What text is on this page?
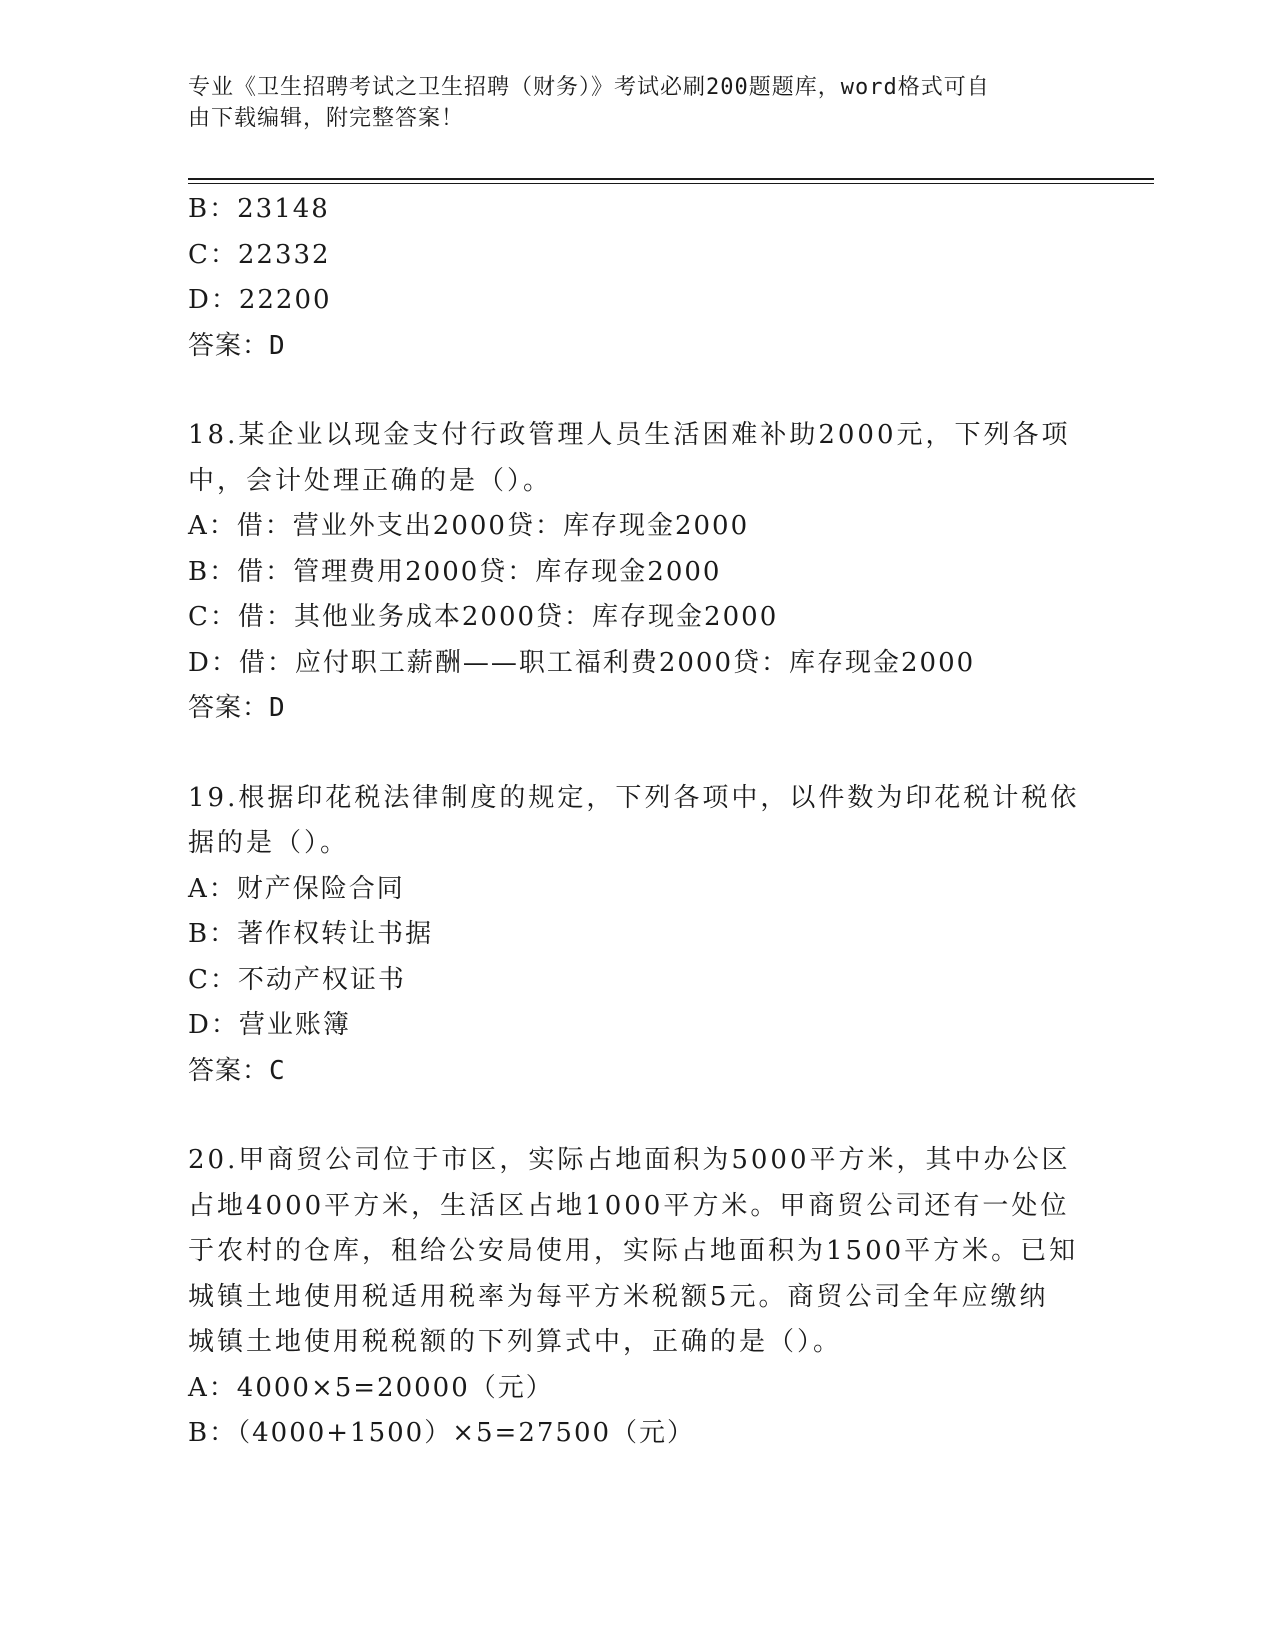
专业《卫生招聘考试之卫生招聘（财务）》考试必刷200题题库，word格式可自
由下载编辑，附完整答案！
B：23148
C：22332
D：22200
答案：D
18.某企业以现金支付行政管理人员生活困难补助2000元，下列各项
中，会计处理正确的是（）。
A：借：营业外支出2000贷：库存现金2000
B：借：管理费用2000贷：库存现金2000
C：借：其他业务成本2000贷：库存现金2000
D：借：应付职工薪酬——职工福利费2000贷：库存现金2000
答案：D
19.根据印花税法律制度的规定，下列各项中，以件数为印花税计税依
据的是（）。
A：财产保险合同
B：著作权转让书据
C：不动产权证书
D：营业账簿
答案：C
20.甲商贸公司位于市区，实际占地面积为5000平方米，其中办公区
占地4000平方米，生活区占地1000平方米。甲商贸公司还有一处位
于农村的仓库，租给公安局使用，实际占地面积为1500平方米。已知
城镇土地使用税适用税率为每平方米税额5元。商贸公司全年应缴纳
城镇土地使用税税额的下列算式中，正确的是（）。
A：4000×5=20000（元）
B：（4000+1500）×5=27500（元）
